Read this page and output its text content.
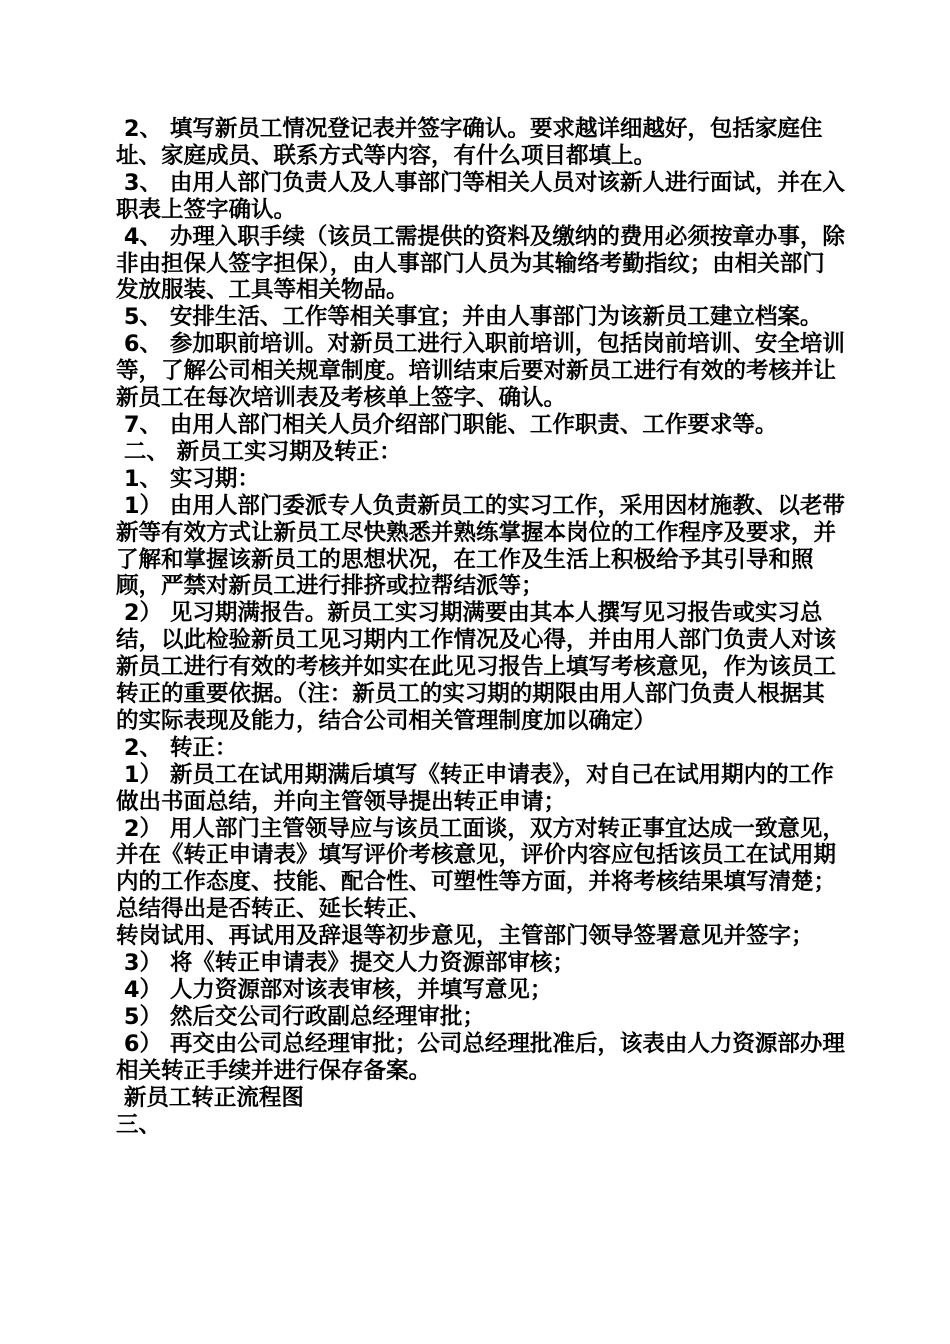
2、 填写新员工情况登记表并签字确认。要求越详细越好，包括家庭住址、家庭成员、联系方式等内容，有什么项目都填上。

3、 由用人部门负责人及人事部门等相关人员对该新人进行面试，并在入职表上签字确认。

4、 办理入职手续（该员工需提供的资料及缴纳的费用必须按章办事，除非由担保人签字担保），由人事部门人员为其输络考勤指纹；由相关部门发放服装、工具等相关物品。

5、 安排生活、工作等相关事宜；并由人事部门为该新员工建立档案。

6、 参加职前培训。对新员工进行入职前培训，包括岗前培训、安全培训等，了解公司相关规章制度。培训结束后要对新员工进行有效的考核并让新员工在每次培训表及考核单上签字、确认。

7、 由用人部门相关人员介绍部门职能、工作职责、工作要求等。

二、 新员工实习期及转正：

1、 实习期：

1） 由用人部门委派专人负责新员工的实习工作，采用因材施教、以老带新等有效方式让新员工尽快熟悉并熟练掌握本岗位的工作程序及要求，并了解和掌握该新员工的思想状况，在工作及生活上积极给予其引导和照顾，严禁对新员工进行排挤或拉帮结派等；

2） 见习期满报告。新员工实习期满要由其本人撰写见习报告或实习总结，以此检验新员工见习期内工作情况及心得，并由用人部门负责人对该新员工进行有效的考核并如实在此见习报告上填写考核意见，作为该员工转正的重要依据。（注：新员工的实习期的期限由用人部门负责人根据其的实际表现及能力，结合公司相关管理制度加以确定）

2、 转正：

1） 新员工在试用期满后填写《转正申请表》，对自己在试用期内的工作做出书面总结，并向主管领导提出转正申请；

2） 用人部门主管领导应与该员工面谈，双方对转正事宜达成一致意见，并在《转正申请表》填写评价考核意见，评价内容应包括该员工在试用期内的工作态度、技能、配合性、可塑性等方面，并将考核结果填写清楚；总结得出是否转正、延长转正、

转岗试用、再试用及辞退等初步意见，主管部门领导签署意见并签字；

3） 将《转正申请表》提交人力资源部审核；

4） 人力资源部对该表审核，并填写意见；

5） 然后交公司行政副总经理审批；

6） 再交由公司总经理审批；公司总经理批准后，该表由人力资源部办理相关转正手续并进行保存备案。

新员工转正流程图

三、
